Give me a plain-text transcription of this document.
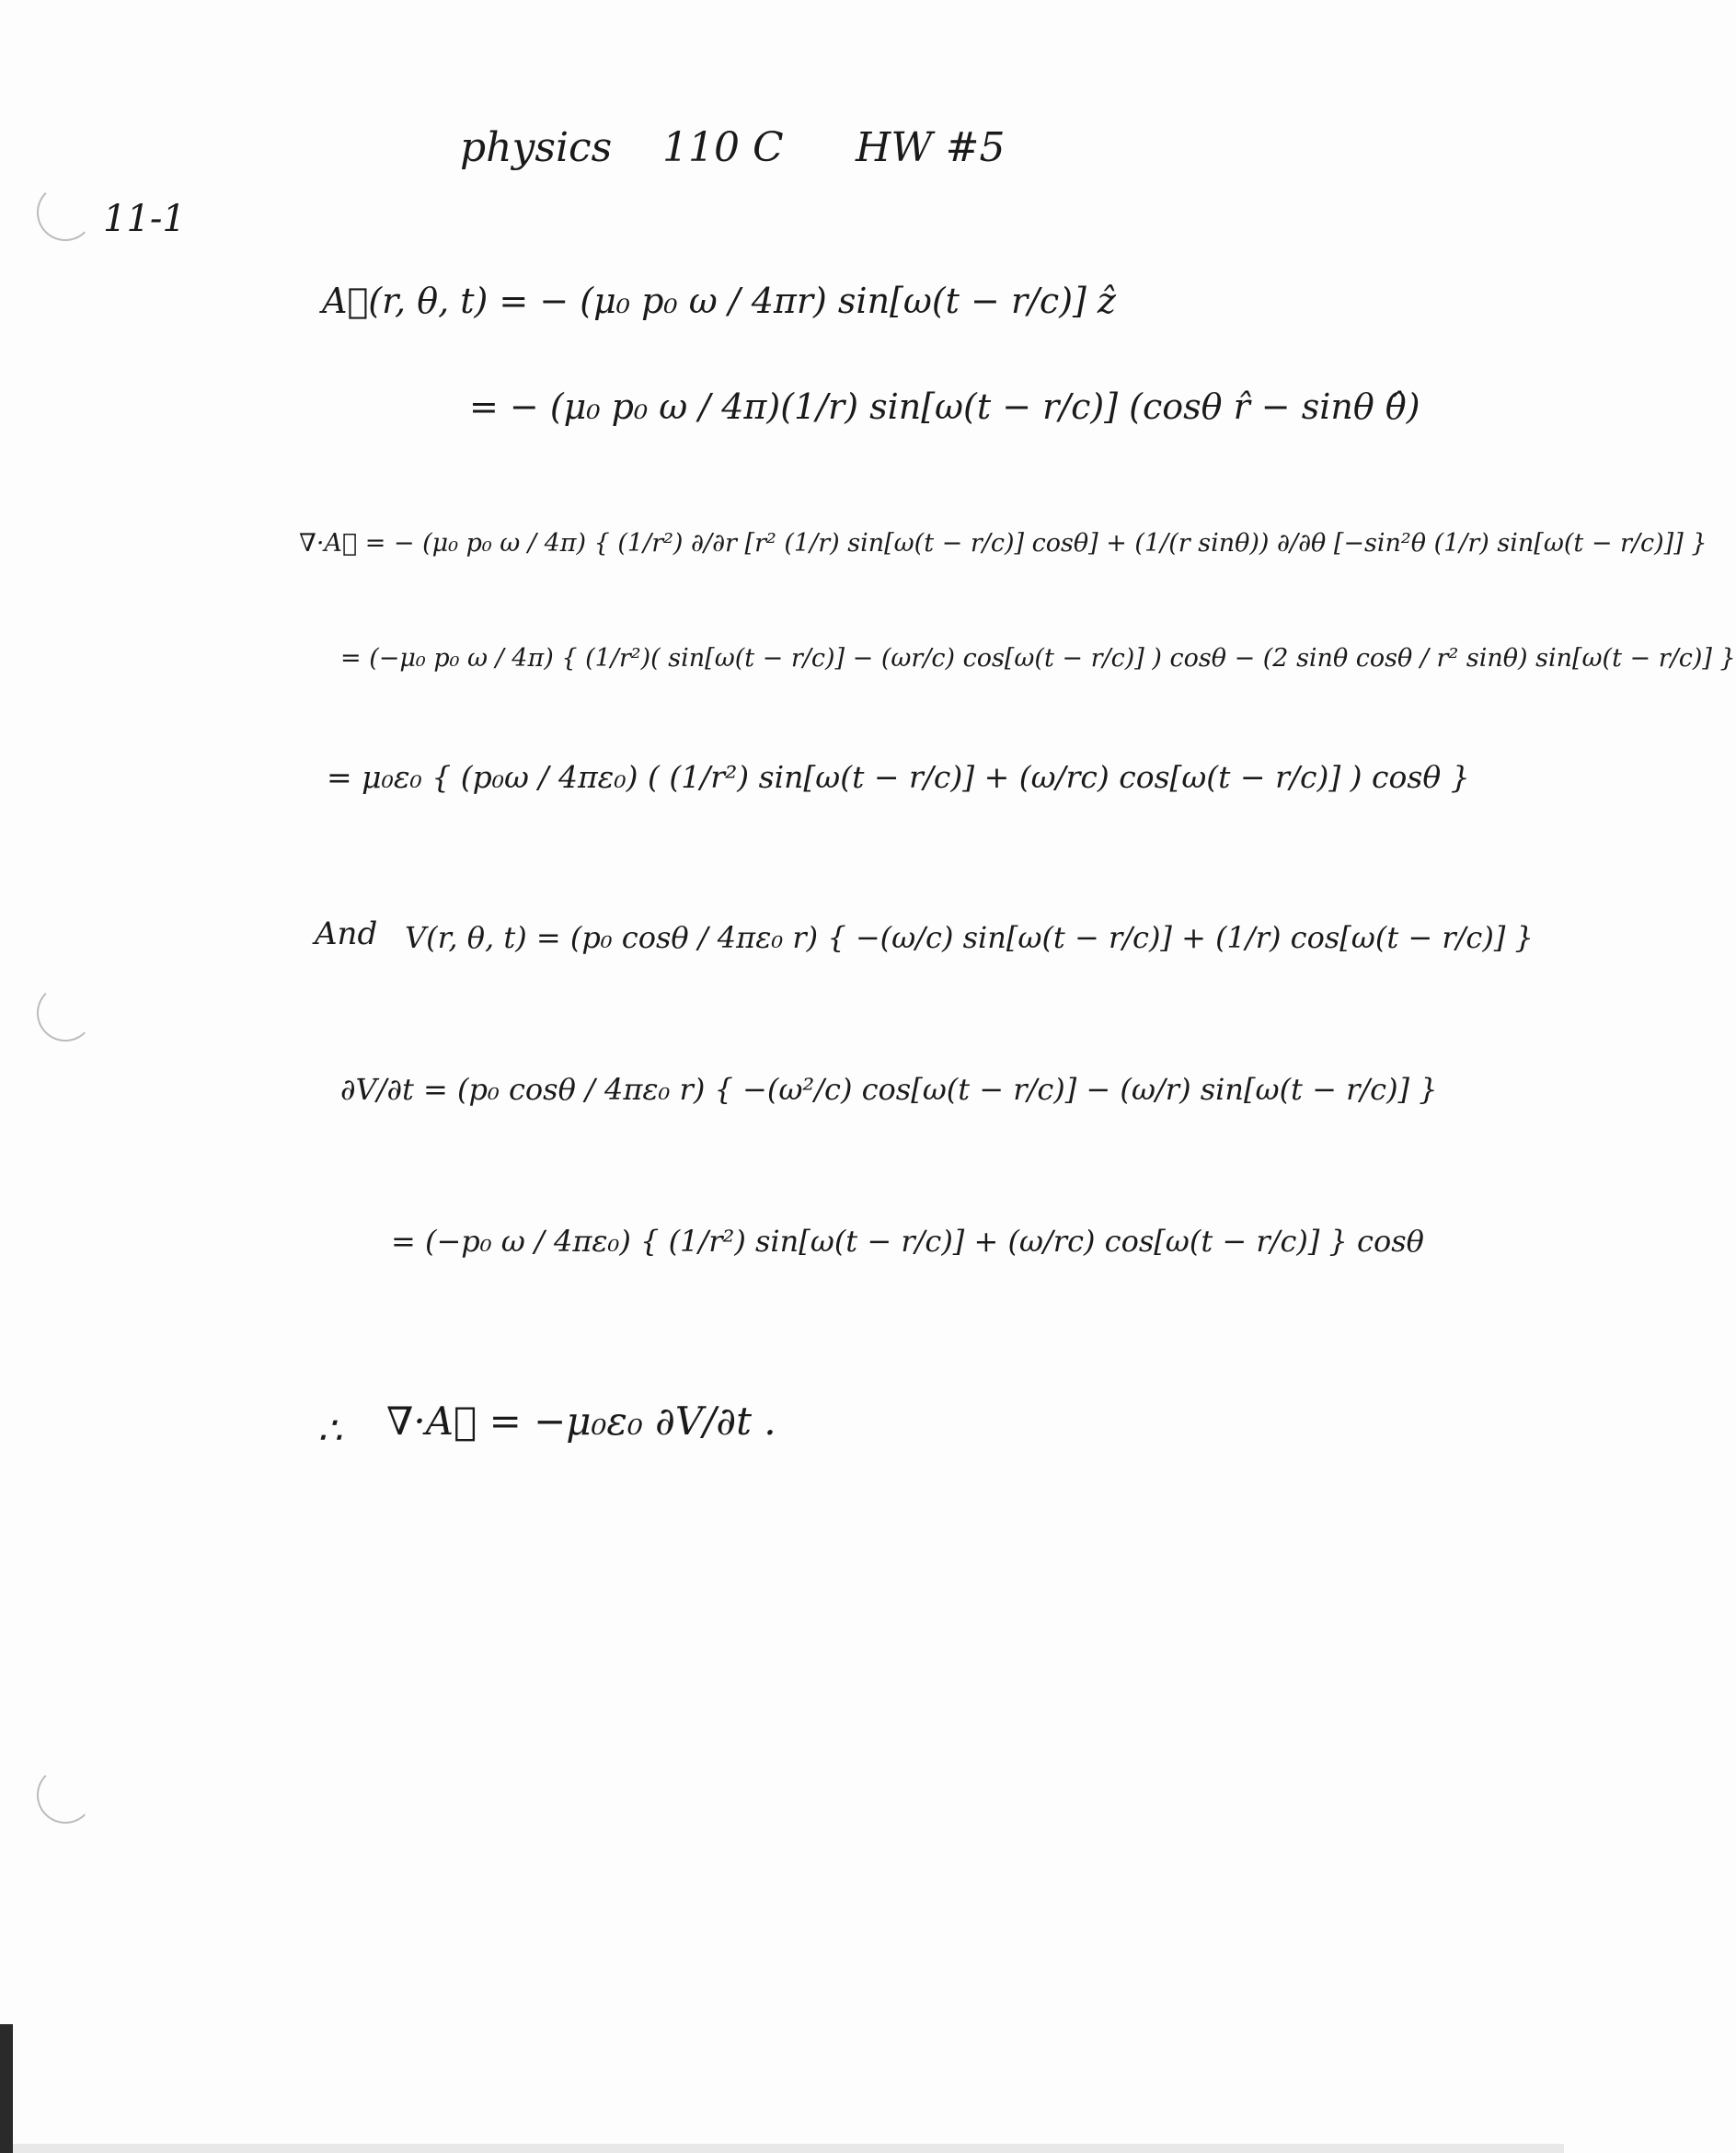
physics 110 C HW #5
11-1
A⃗(r, θ, t) = − (μ₀ p₀ ω / 4πr) sin[ω(t − r/c)] ẑ
= − (μ₀ p₀ ω / 4π)(1/r) sin[ω(t − r/c)] (cosθ r̂ − sinθ θ̂)
∇·A⃗ = − (μ₀ p₀ ω / 4π) { (1/r²) ∂/∂r [r² (1/r) sin[ω(t − r/c)] cosθ] + (1/(r sinθ)) ∂/∂θ [−sin²θ (1/r) sin[ω(t − r/c)]] }
= (−μ₀ p₀ ω / 4π) { (1/r²)( sin[ω(t − r/c)] − (ωr/c) cos[ω(t − r/c)] ) cosθ − (2 sinθ cosθ / r² sinθ) sin[ω(t − r/c)] }
= μ₀ε₀ { (p₀ω / 4πε₀) ( (1/r²) sin[ω(t − r/c)] + (ω/rc) cos[ω(t − r/c)] ) cosθ }
And V(r, θ, t) = (p₀ cosθ / 4πε₀ r) { −(ω/c) sin[ω(t − r/c)] + (1/r) cos[ω(t − r/c)] }
∂V/∂t = (p₀ cosθ / 4πε₀ r) { −(ω²/c) cos[ω(t − r/c)] − (ω/r) sin[ω(t − r/c)] }
= (−p₀ ω / 4πε₀) { (1/r²) sin[ω(t − r/c)] + (ω/rc) cos[ω(t − r/c)] } cosθ
∴ ∇·A⃗ = −μ₀ε₀ ∂V/∂t .
